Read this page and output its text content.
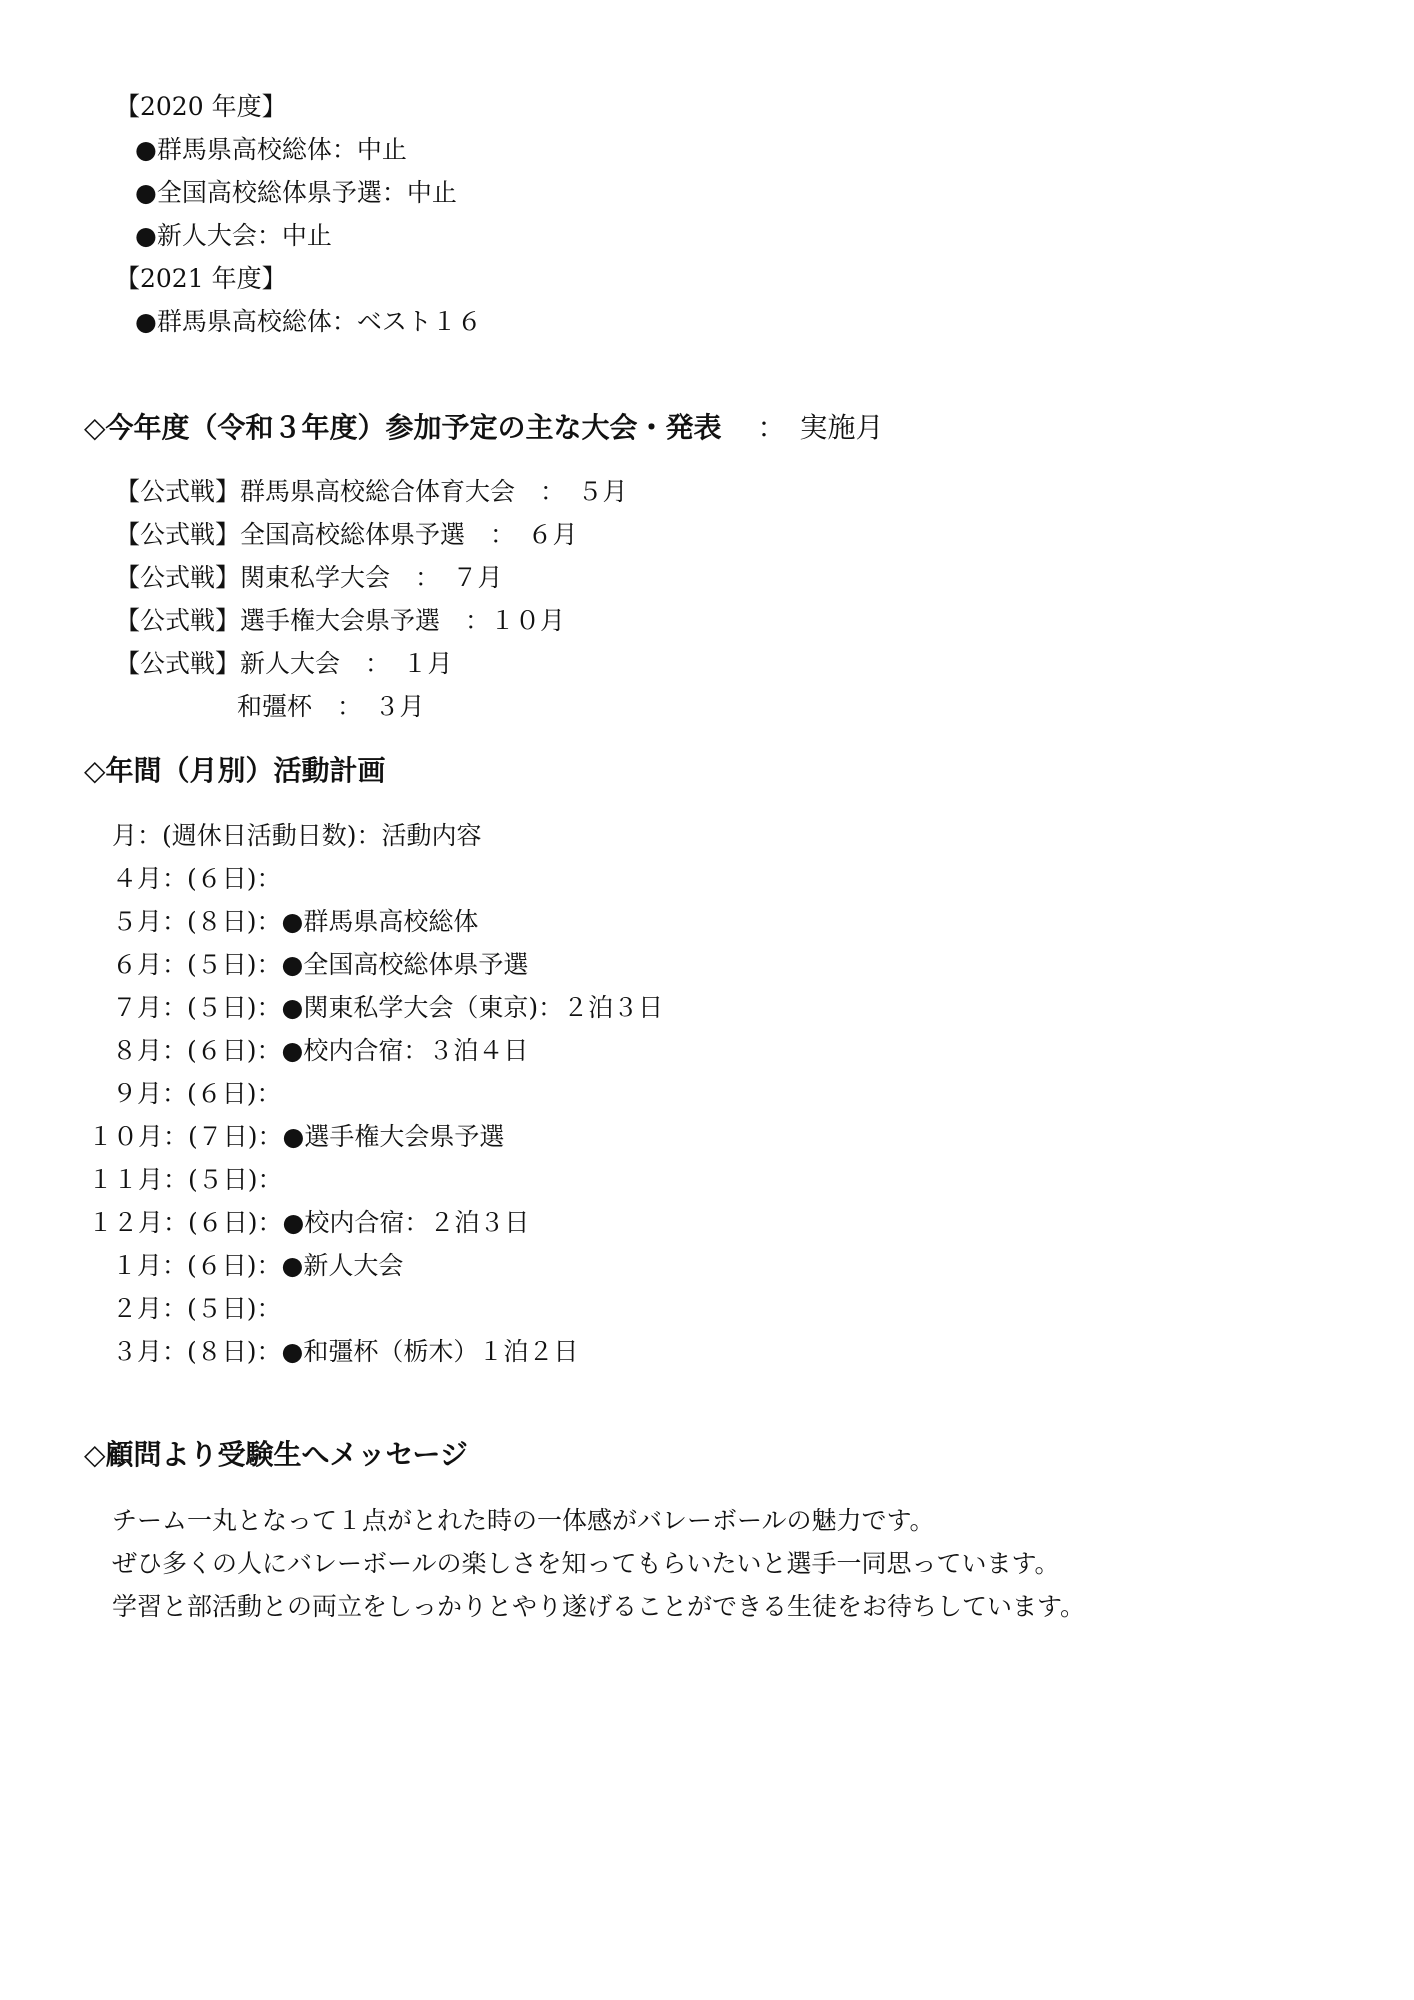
【2020 年度】
●群馬県高校総体：中止
●全国高校総体県予選：中止
●新人大会：中止
【2021 年度】
●群馬県高校総体：ベスト１６
◇今年度（令和３年度）参加予定の主な大会・発表 ：　実施月
【公式戦】群馬県高校総合体育大会　：　５月
【公式戦】全国高校総体県予選　：　６月
【公式戦】関東私学大会　：　７月
【公式戦】選手権大会県予選　：１０月
【公式戦】新人大会　：　１月
和彊杯　：　３月
◇年間（月別）活動計画
月：(週休日活動日数)：活動内容
４月：(６日)：
５月：(８日)：●群馬県高校総体
６月：(５日)：●全国高校総体県予選
７月：(５日)：●関東私学大会（東京)：２泊３日
８月：(６日)：●校内合宿：３泊４日
９月：(６日)：
１０月：(７日)：●選手権大会県予選
１１月：(５日)：
１２月：(６日)：●校内合宿：２泊３日
１月：(６日)：●新人大会
２月：(５日)：
３月：(８日)：●和彊杯（栃木）１泊２日
◇顧問より受験生へメッセージ
チーム一丸となって１点がとれた時の一体感がバレーボールの魅力です。
ぜひ多くの人にバレーボールの楽しさを知ってもらいたいと選手一同思っています。
学習と部活動との両立をしっかりとやり遂げることができる生徒をお待ちしています。
